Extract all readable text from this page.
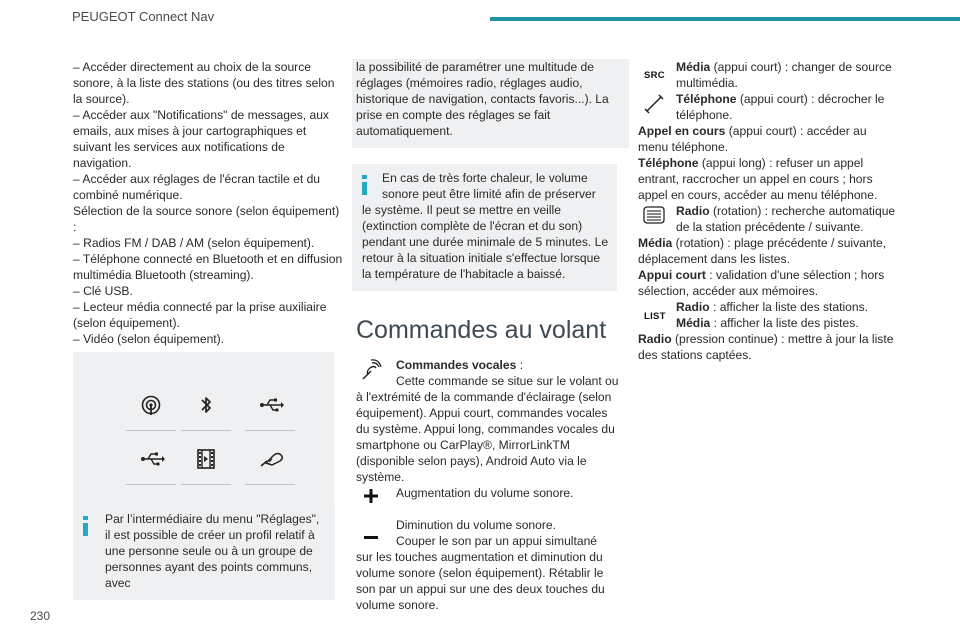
PEUGEOT Connect Nav

– Accéder directement au choix de la source sonore, à la liste des stations (ou des titres selon la source).

– Accéder aux "Notifications" de messages, aux emails, aux mises à jour cartographiques et suivant les services aux notifications de navigation.

– Accéder aux réglages de l'écran tactile et du combiné numérique.

Sélection de la source sonore (selon équipement) :

– Radios FM / DAB / AM (selon équipement).

– Téléphone connecté en Bluetooth et en diffusion multimédia Bluetooth (streaming).

– Clé USB.

– Lecteur média connecté par la prise auxiliaire (selon équipement).

– Vidéo (selon équipement).

Par l’intermédiaire du menu "Réglages", il est possible de créer un profil relatif à une personne seule ou à un groupe de personnes ayant des points communs, avec

la possibilité de paramétrer une multitude de réglages (mémoires radio, réglages audio, historique de navigation, contacts favoris...). La prise en compte des réglages se fait automatiquement.

En cas de très forte chaleur, le volume sonore peut être limité afin de préserver

le système. Il peut se mettre en veille (extinction complète de l'écran et du son) pendant une durée minimale de 5 minutes. Le retour à la situation initiale s'effectue lorsque la température de l'habitacle a baissé.

Commandes au volant

Commandes vocales :

Cette commande se situe sur le volant ou

à l'extrémité de la commande d'éclairage (selon équipement). Appui court, commandes vocales du système. Appui long, commandes vocales du smartphone ou CarPlay®, MirrorLinkTM (disponible selon pays), Android Auto via le système.

Augmentation du volume sonore.

Diminution du volume sonore.

Couper le son par un appui simultané

sur les touches augmentation et diminution du volume sonore (selon équipement). Rétablir le son par un appui sur une des deux touches du volume sonore.

SRC

Média (appui court) : changer de source multimédia.

Téléphone (appui court) : décrocher le téléphone.

Appel en cours (appui court) : accéder au menu téléphone.

Téléphone (appui long) : refuser un appel entrant, raccrocher un appel en cours ; hors appel en cours, accéder au menu téléphone.

Radio (rotation) : recherche automatique de la station précédente / suivante.

Média (rotation) : plage précédente / suivante, déplacement dans les listes.

Appui court : validation d'une sélection ; hors sélection, accéder aux mémoires.

LIST

Radio : afficher la liste des stations.

Média : afficher la liste des pistes.

Radio (pression continue) : mettre à jour la liste des stations captées.

230
